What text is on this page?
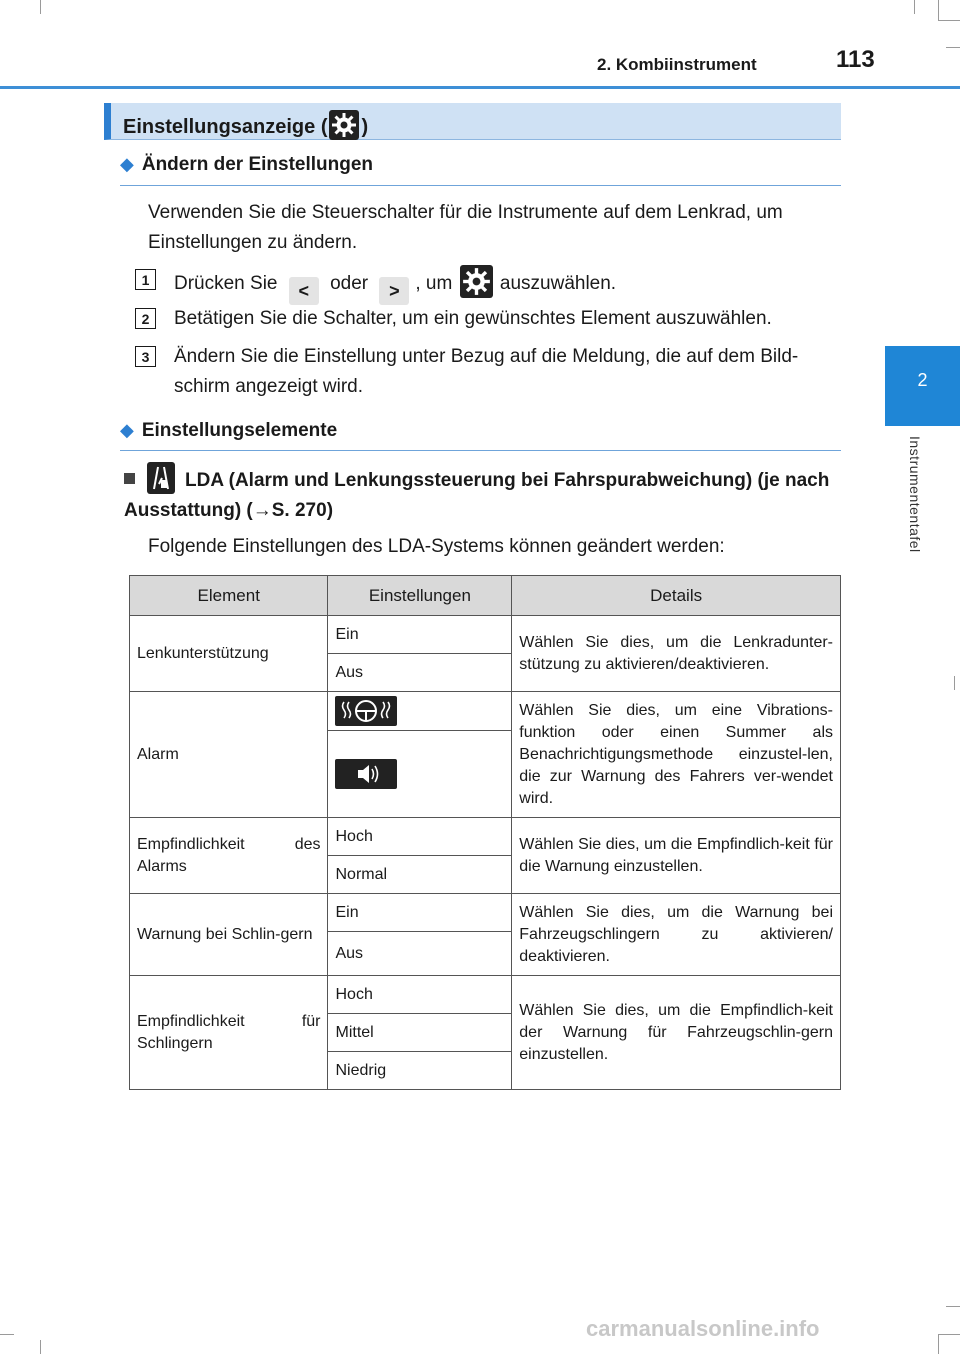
2. Kombiinstrument	113
2
Instrumententafel
Einstellungsanzeige ( )
◆ Ändern der Einstellungen
Verwenden Sie die Steuerschalter für die Instrumente auf dem Lenkrad, um Einstellungen zu ändern.
1	Drücken Sie < oder > , um	auszuwählen.
2	Betätigen Sie die Schalter, um ein gewünschtes Element auszuwählen.
3	Ändern Sie die Einstellung unter Bezug auf die Meldung, die auf dem Bild-schirm angezeigt wird.
◆ Einstellungselemente
LDA (Alarm und Lenkungssteuerung bei Fahrspurabweichung) (je nach Ausstattung) (→S. 270)
Folgende Einstellungen des LDA-Systems können geändert werden:
Element	Einstellungen	Details
Lenkunterstützung	Ein	Wählen Sie dies, um die Lenkradunter-stützung zu aktivieren/deaktivieren.
	Aus	
Alarm		Wählen Sie dies, um eine Vibrations-funktion oder einen Summer als Benachrichtigungsmethode einzustel-len, die zur Warnung des Fahrers ver-wendet wird.

Empfindlichkeit des Alarms	Hoch	Wählen Sie dies, um die Empfindlich-keit für die Warnung einzustellen.
	Normal	
Warnung bei Schlin-gern	Ein	Wählen Sie dies, um die Warnung bei Fahrzeugschlingern zu aktivieren/ deaktivieren.
	Aus	
Empfindlichkeit für Schlingern	Hoch	Wählen Sie dies, um die Empfindlich-keit der Warnung für Fahrzeugschlin-gern einzustellen.
	Mittel	
	Niedrig	
carmanualsonline.info
